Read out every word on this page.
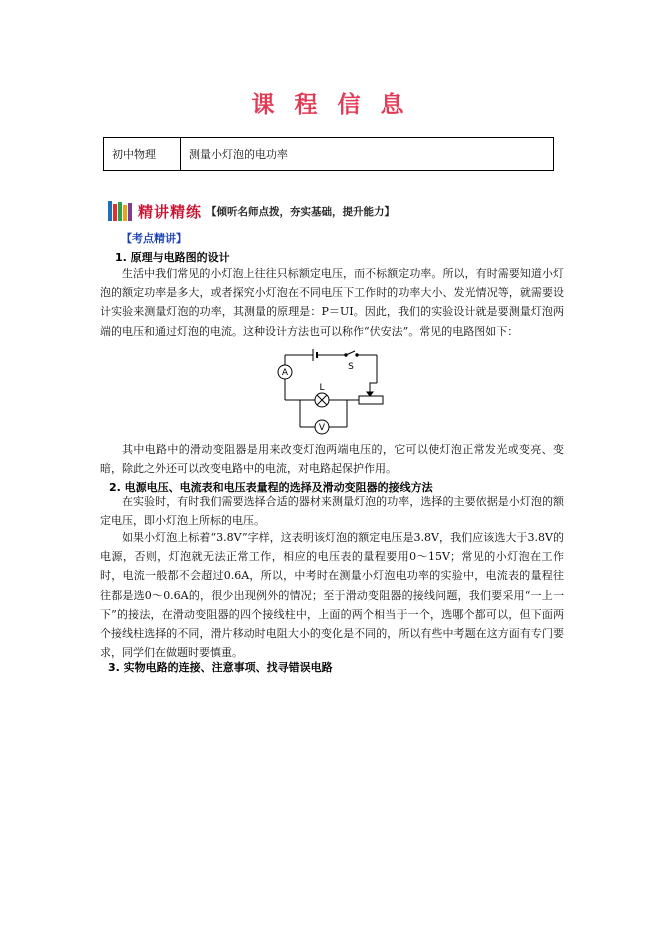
课 程 信 息
初中物理	测量小灯泡的电功率
精讲精练 【倾听名师点拨，夯实基础，提升能力】
【考点精讲】
1. 原理与电路图的设计

生活中我们常见的小灯泡上往往只标额定电压，而不标额定功率。所以，有时需要知道小灯泡的额定功率是多大，或者探究小灯泡在不同电压下工作时的功率大小、发光情况等，就需要设计实验来测量灯泡的功率，其测量的原理是：P＝UI。因此，我们的实验设计就是要测量灯泡两端的电压和通过灯泡的电流。这种设计方法也可以称作“伏安法”。常见的电路图如下：

A
V
L
S

其中电路中的滑动变阻器是用来改变灯泡两端电压的，它可以使灯泡正常发光或变亮、变暗，除此之外还可以改变电路中的电流，对电路起保护作用。

2. 电源电压、电流表和电压表量程的选择及滑动变阻器的接线方法

在实验时，有时我们需要选择合适的器材来测量灯泡的功率，选择的主要依据是小灯泡的额定电压，即小灯泡上所标的电压。

如果小灯泡上标着“3.8V”字样，这表明该灯泡的额定电压是3.8V，我们应该选大于3.8V的电源，否则，灯泡就无法正常工作，相应的电压表的量程要用0～15V；常见的小灯泡在工作时，电流一般都不会超过0.6A，所以，中考时在测量小灯泡电功率的实验中，电流表的量程往往都是选0～0.6A的，很少出现例外的情况；至于滑动变阻器的接线问题，我们要采用“一上一下”的接法，在滑动变阻器的四个接线柱中，上面的两个相当于一个，选哪个都可以，但下面两个接线柱选择的不同，滑片移动时电阻大小的变化是不同的，所以有些中考题在这方面有专门要求，同学们在做题时要慎重。

3. 实物电路的连接、注意事项、找寻错误电路
